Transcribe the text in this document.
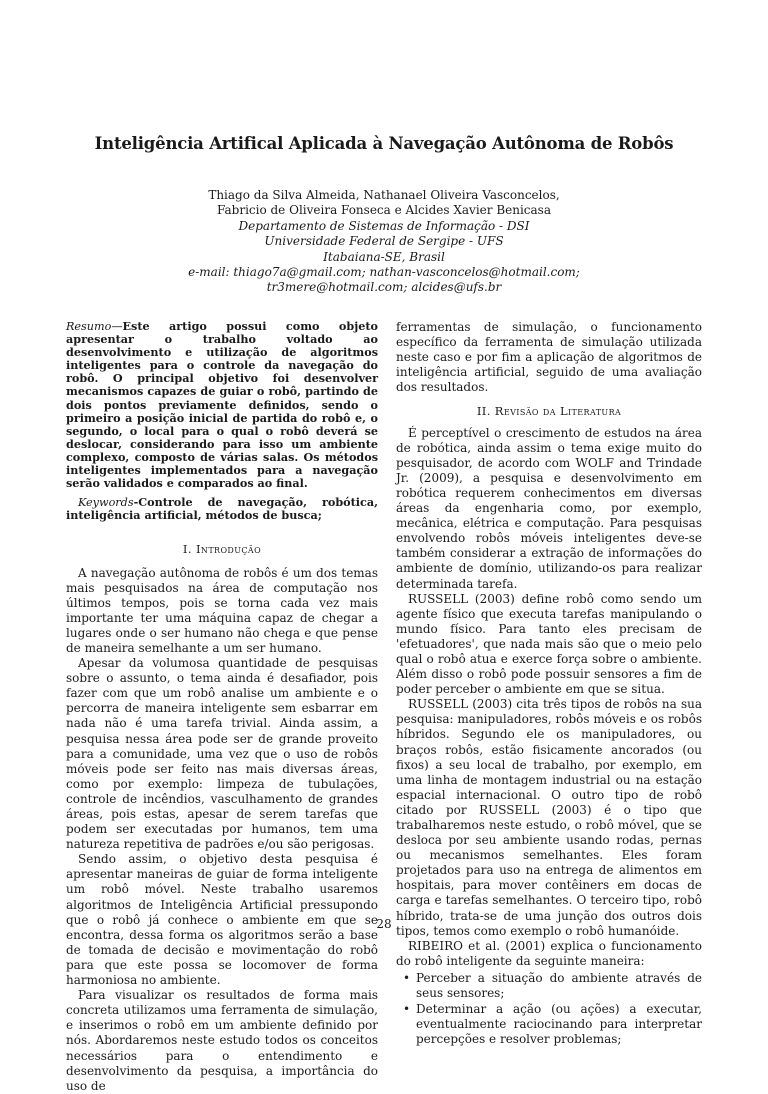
Inteligência Artifical Aplicada à Navegação Autônoma de Robôs
Thiago da Silva Almeida, Nathanael Oliveira Vasconcelos,
Fabricio de Oliveira Fonseca e Alcides Xavier Benicasa
Departamento de Sistemas de Informação - DSI
Universidade Federal de Sergipe - UFS
Itabaiana-SE, Brasil
e-mail: thiago7a@gmail.com; nathan-vasconcelos@hotmail.com;
tr3mere@hotmail.com; alcides@ufs.br

Resumo—Este artigo possui como objeto apresentar o trabalho voltado ao desenvolvimento e utilização de algoritmos inteligentes para o controle da navegação do robô. O principal objetivo foi desenvolver mecanismos capazes de guiar o robô, partindo de dois pontos previamente definidos, sendo o primeiro a posição inicial de partida do robô e, o segundo, o local para o qual o robô deverá se deslocar, considerando para isso um ambiente complexo, composto de várias salas. Os métodos inteligentes implementados para a navegação serão validados e comparados ao final.

Keywords-Controle de navegação, robótica, inteligência artificial, métodos de busca;

I. Introdução

A navegação autônoma de robôs é um dos temas mais pesquisados na área de computação nos últimos tempos, pois se torna cada vez mais importante ter uma máquina capaz de chegar a lugares onde o ser humano não chega e que pense de maneira semelhante a um ser humano.

Apesar da volumosa quantidade de pesquisas sobre o assunto, o tema ainda é desafiador, pois fazer com que um robô analise um ambiente e o percorra de maneira inteligente sem esbarrar em nada não é uma tarefa trivial. Ainda assim, a pesquisa nessa área pode ser de grande proveito para a comunidade, uma vez que o uso de robôs móveis pode ser feito nas mais diversas áreas, como por exemplo: limpeza de tubulações, controle de incêndios, vasculhamento de grandes áreas, pois estas, apesar de serem tarefas que podem ser executadas por humanos, tem uma natureza repetitiva de padrões e/ou são perigosas.

Sendo assim, o objetivo desta pesquisa é apresentar maneiras de guiar de forma inteligente um robô móvel. Neste trabalho usaremos algoritmos de Inteligência Artificial pressupondo que o robô já conhece o ambiente em que se encontra, dessa forma os algoritmos serão a base de tomada de decisão e movimentação do robô para que este possa se locomover de forma harmoniosa no ambiente.

Para visualizar os resultados de forma mais concreta utilizamos uma ferramenta de simulação, e inserimos o robô em um ambiente definido por nós. Abordaremos neste estudo todos os conceitos necessários para o entendimento e desenvolvimento da pesquisa, a importância do uso de

ferramentas de simulação, o funcionamento específico da ferramenta de simulação utilizada neste caso e por fim a aplicação de algoritmos de inteligência artificial, seguido de uma avaliação dos resultados.

II. Revisão da Literatura

É perceptível o crescimento de estudos na área de robótica, ainda assim o tema exige muito do pesquisador, de acordo com WOLF and Trindade Jr. (2009), a pesquisa e desenvolvimento em robótica requerem conhecimentos em diversas áreas da engenharia como, por exemplo, mecânica, elétrica e computação. Para pesquisas envolvendo robôs móveis inteligentes deve-se também considerar a extração de informações do ambiente de domínio, utilizando-os para realizar determinada tarefa.

RUSSELL (2003) define robô como sendo um agente físico que executa tarefas manipulando o mundo físico. Para tanto eles precisam de 'efetuadores', que nada mais são que o meio pelo qual o robô atua e exerce força sobre o ambiente. Além disso o robô pode possuir sensores a fim de poder perceber o ambiente em que se situa.

RUSSELL (2003) cita três tipos de robôs na sua pesquisa: manipuladores, robôs móveis e os robôs híbridos. Segundo ele os manipuladores, ou braços robôs, estão fisicamente ancorados (ou fixos) a seu local de trabalho, por exemplo, em uma linha de montagem industrial ou na estação espacial internacional. O outro tipo de robô citado por RUSSELL (2003) é o tipo que trabalharemos neste estudo, o robô móvel, que se desloca por seu ambiente usando rodas, pernas ou mecanismos semelhantes. Eles foram projetados para uso na entrega de alimentos em hospitais, para mover contêiners em docas de carga e tarefas semelhantes. O terceiro tipo, robô híbrido, trata-se de uma junção dos outros dois tipos, temos como exemplo o robô humanóide.

RIBEIRO et al. (2001) explica o funcionamento do robô inteligente da seguinte maneira:

• Perceber a situação do ambiente através de seus sensores;
• Determinar a ação (ou ações) a executar, eventualmente raciocinando para interpretar percepções e resolver problemas;
28
